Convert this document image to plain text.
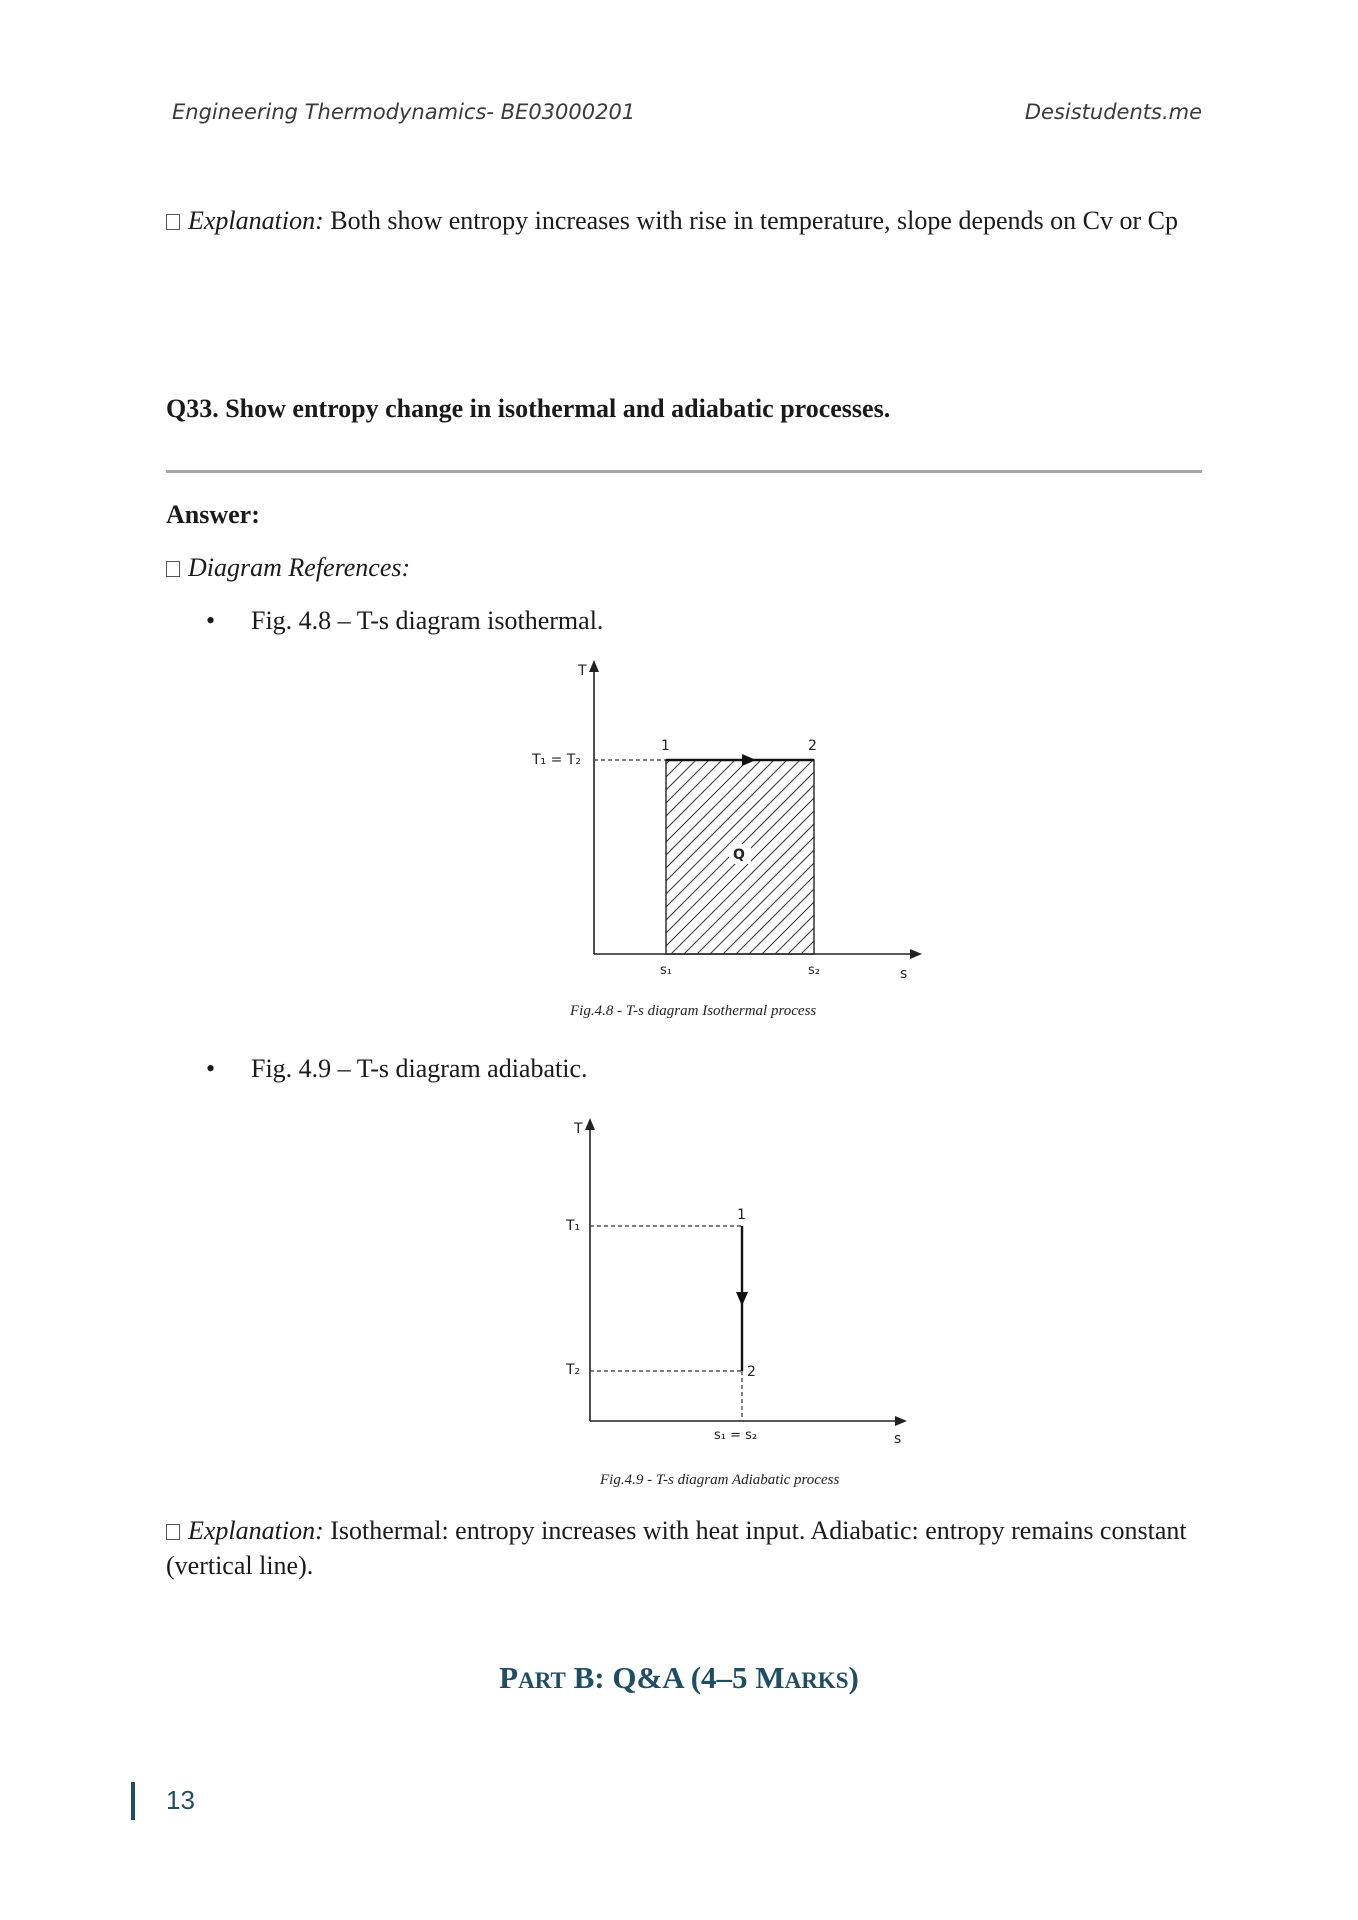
Engineering Thermodynamics- BE03000201	Desistudents.me
Explanation: Both show entropy increases with rise in temperature, slope depends on Cv or Cp
Q33. Show entropy change in isothermal and adiabatic processes.
Answer:
Diagram References:
• Fig. 4.8 – T-s diagram isothermal.
T
s
T₁ = T₂
Q
1	2
s₁	s₂
Fig.4.8 - T-s diagram Isothermal process
• Fig. 4.9 – T-s diagram adiabatic.
T
s
T₁
T₂
1
2
s₁ = s₂
Fig.4.9 - T-s diagram Adiabatic process
Explanation: Isothermal: entropy increases with heat input. Adiabatic: entropy remains constant (vertical line).
PART B: Q&A (4–5 MARKS)
13
